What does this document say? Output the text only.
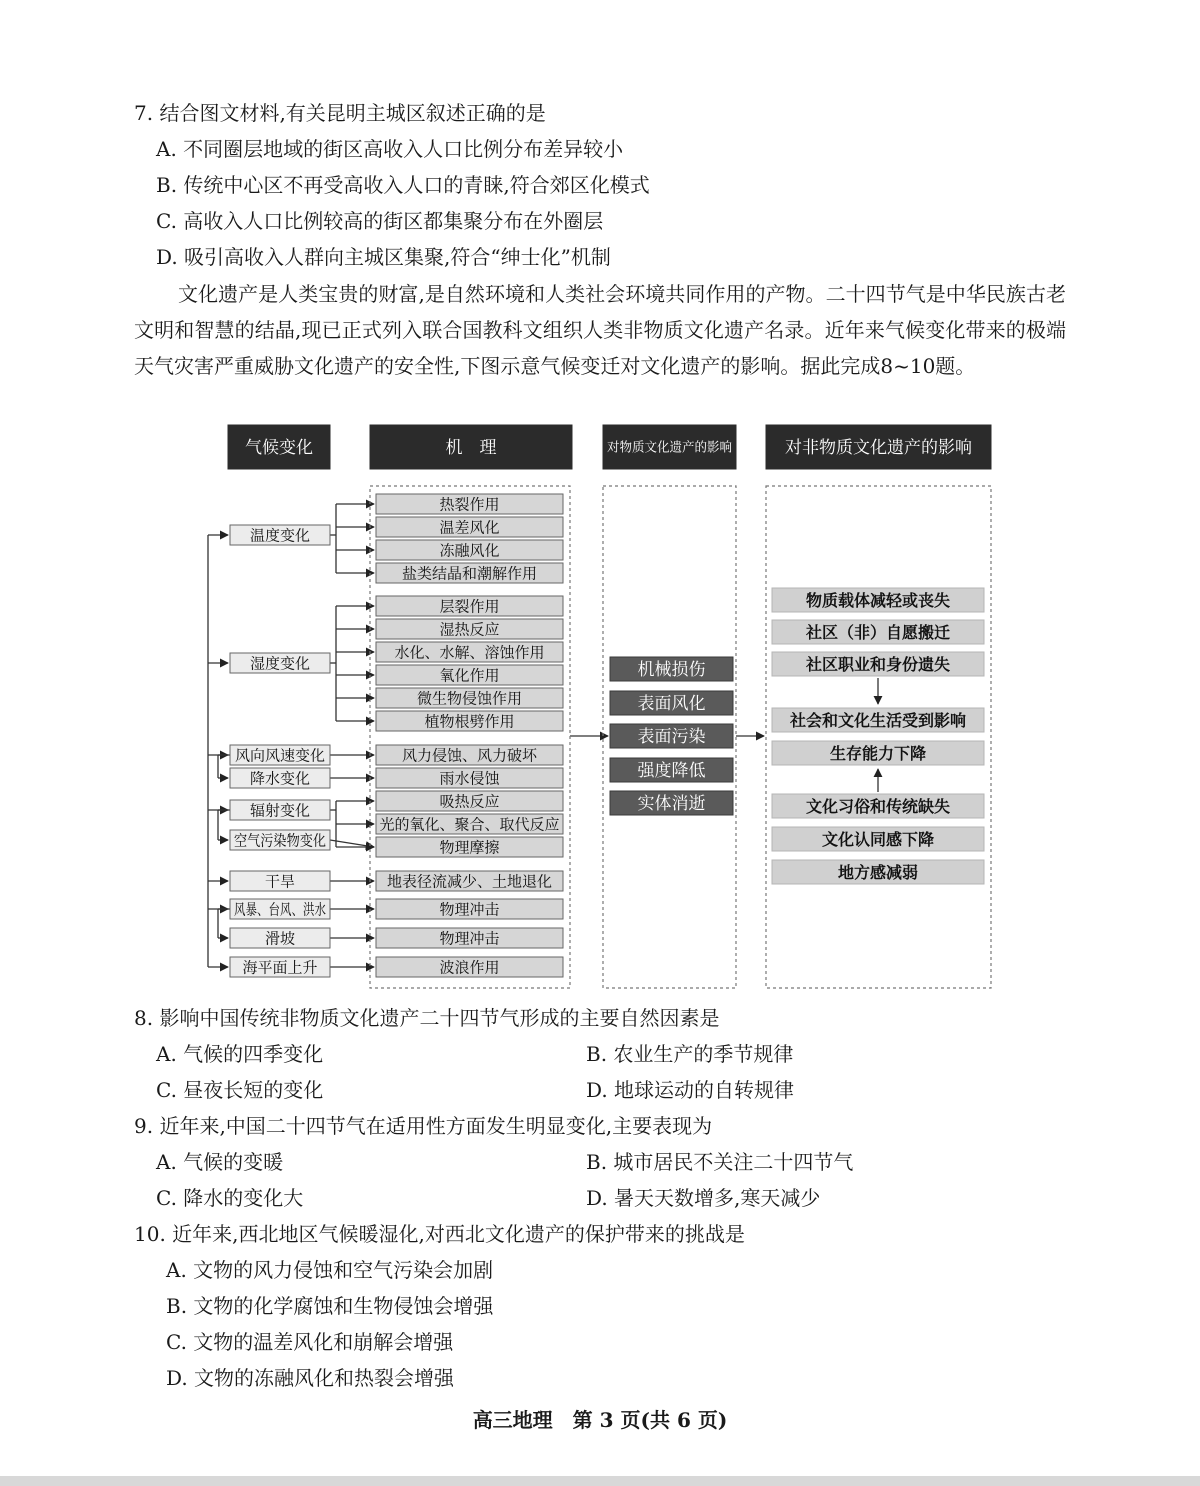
7. 结合图文材料,有关昆明主城区叙述正确的是
A. 不同圈层地域的街区高收入人口比例分布差异较小
B. 传统中心区不再受高收入人口的青睐,符合郊区化模式
C. 高收入人口比例较高的街区都集聚分布在外圈层
D. 吸引高收入人群向主城区集聚,符合“绅士化”机制
文化遗产是人类宝贵的财富,是自然环境和人类社会环境共同作用的产物。二十四节气是中华民族古老文明和智慧的结晶,现已正式列入联合国教科文组织人类非物质文化遗产名录。近年来气候变化带来的极端天气灾害严重威胁文化遗产的安全性,下图示意气候变迁对文化遗产的影响。据此完成8~10题。
气候变化	机　理	对物质文化遗产的影响	对非物质文化遗产的影响
热裂作用
温差风化
冻融风化
盐类结晶和潮解作用
层裂作用
湿热反应
水化、水解、溶蚀作用
氧化作用
微生物侵蚀作用
植物根劈作用
风力侵蚀、风力破坏
雨水侵蚀
吸热反应
光的氧化、聚合、取代反应
物理摩擦
地表径流减少、土地退化
物理冲击
物理冲击
波浪作用
温度变化
湿度变化
风向风速变化
降水变化
辐射变化
空气污染物变化
干旱
风暴、台风、洪水
滑坡
海平面上升
机械损伤
表面风化
表面污染
强度降低
实体消逝
物质载体减轻或丧失
社区（非）自愿搬迁
社区职业和身份遗失
社会和文化生活受到影响
生存能力下降
文化习俗和传统缺失
文化认同感下降
地方感减弱
8. 影响中国传统非物质文化遗产二十四节气形成的主要自然因素是
A. 气候的四季变化	B. 农业生产的季节规律
C. 昼夜长短的变化	D. 地球运动的自转规律
9. 近年来,中国二十四节气在适用性方面发生明显变化,主要表现为
A. 气候的变暖	B. 城市居民不关注二十四节气
C. 降水的变化大	D. 暑天天数增多,寒天减少
10. 近年来,西北地区气候暖湿化,对西北文化遗产的保护带来的挑战是
A. 文物的风力侵蚀和空气污染会加剧
B. 文物的化学腐蚀和生物侵蚀会增强
C. 文物的温差风化和崩解会增强
D. 文物的冻融风化和热裂会增强
高三地理　第 3 页(共 6 页)
